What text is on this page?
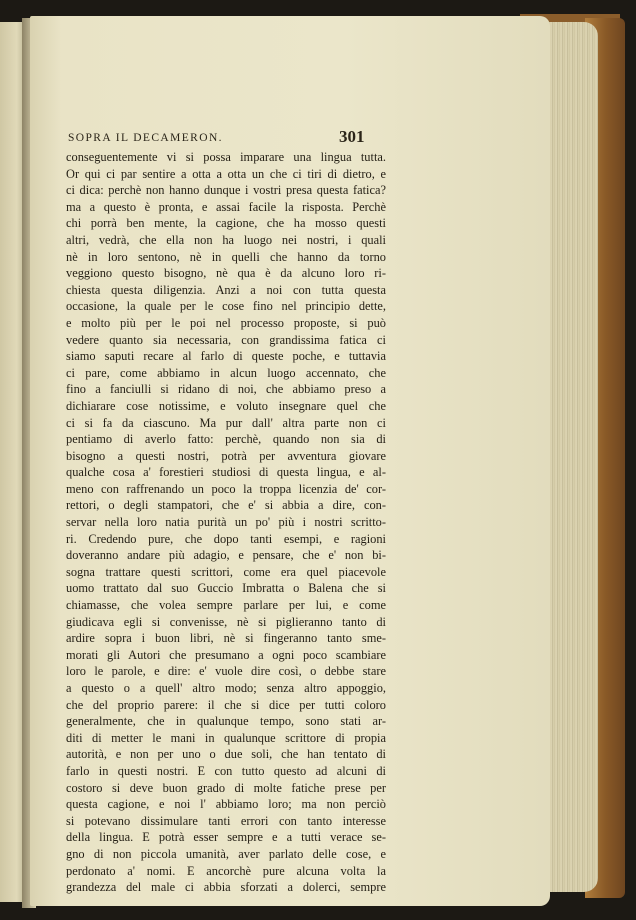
SOPRA IL DECAMERON.	301
conseguentemente vi si possa imparare una lingua tutta.
Or qui ci par sentire a otta a otta un che ci tiri di dietro, e
ci dica: perchè non hanno dunque i vostri presa questa fatica?
ma a questo è pronta, e assai facile la risposta. Perchè
chi porrà ben mente, la cagione, che ha mosso questi
altri, vedrà, che ella non ha luogo nei nostri, i quali
nè in loro sentono, nè in quelli che hanno da torno
veggiono questo bisogno, nè qua è da alcuno loro ri-
chiesta questa diligenzia. Anzi a noi con tutta questa
occasione, la quale per le cose fino nel principio dette,
e molto più per le poi nel processo proposte, si può
vedere quanto sia necessaria, con grandissima fatica ci
siamo saputi recare al farlo di queste poche, e tuttavia
ci pare, come abbiamo in alcun luogo accennato, che
fino a fanciulli si ridano di noi, che abbiamo preso a
dichiarare cose notissime, e voluto insegnare quel che
ci si fa da ciascuno. Ma pur dall' altra parte non ci
pentiamo di averlo fatto: perchè, quando non sia di
bisogno a questi nostri, potrà per avventura giovare
qualche cosa a' forestieri studiosi di questa lingua, e al-
meno con raffrenando un poco la troppa licenzia de' cor-
rettori, o degli stampatori, che e' si abbia a dire, con-
servar nella loro natia purità un po' più i nostri scritto-
ri. Credendo pure, che dopo tanti esempi, e ragioni
doveranno andare più adagio, e pensare, che e' non bi-
sogna trattare questi scrittori, come era quel piacevole
uomo trattato dal suo Guccio Imbratta o Balena che si
chiamasse, che volea sempre parlare per lui, e come
giudicava egli si convenisse, nè si piglieranno tanto di
ardire sopra i buon libri, nè si fingeranno tanto sme-
morati gli Autori che presumano a ogni poco scambiare
loro le parole, e dire: e' vuole dire così, o debbe stare
a questo o a quell' altro modo; senza altro appoggio,
che del proprio parere: il che si dice per tutti coloro
generalmente, che in qualunque tempo, sono stati ar-
diti di metter le mani in qualunque scrittore di propia
autorità, e non per uno o due soli, che han tentato di
farlo in questi nostri. E con tutto questo ad alcuni di
costoro si deve buon grado di molte fatiche prese per
questa cagione, e noi l' abbiamo loro; ma non perciò
si potevano dissimulare tanti errori con tanto interesse
della lingua. E potrà esser sempre e a tutti verace se-
gno di non piccola umanità, aver parlato delle cose, e
perdonato a' nomi. E ancorchè pure alcuna volta la
grandezza del male ci abbia sforzati a dolerci, sempre
